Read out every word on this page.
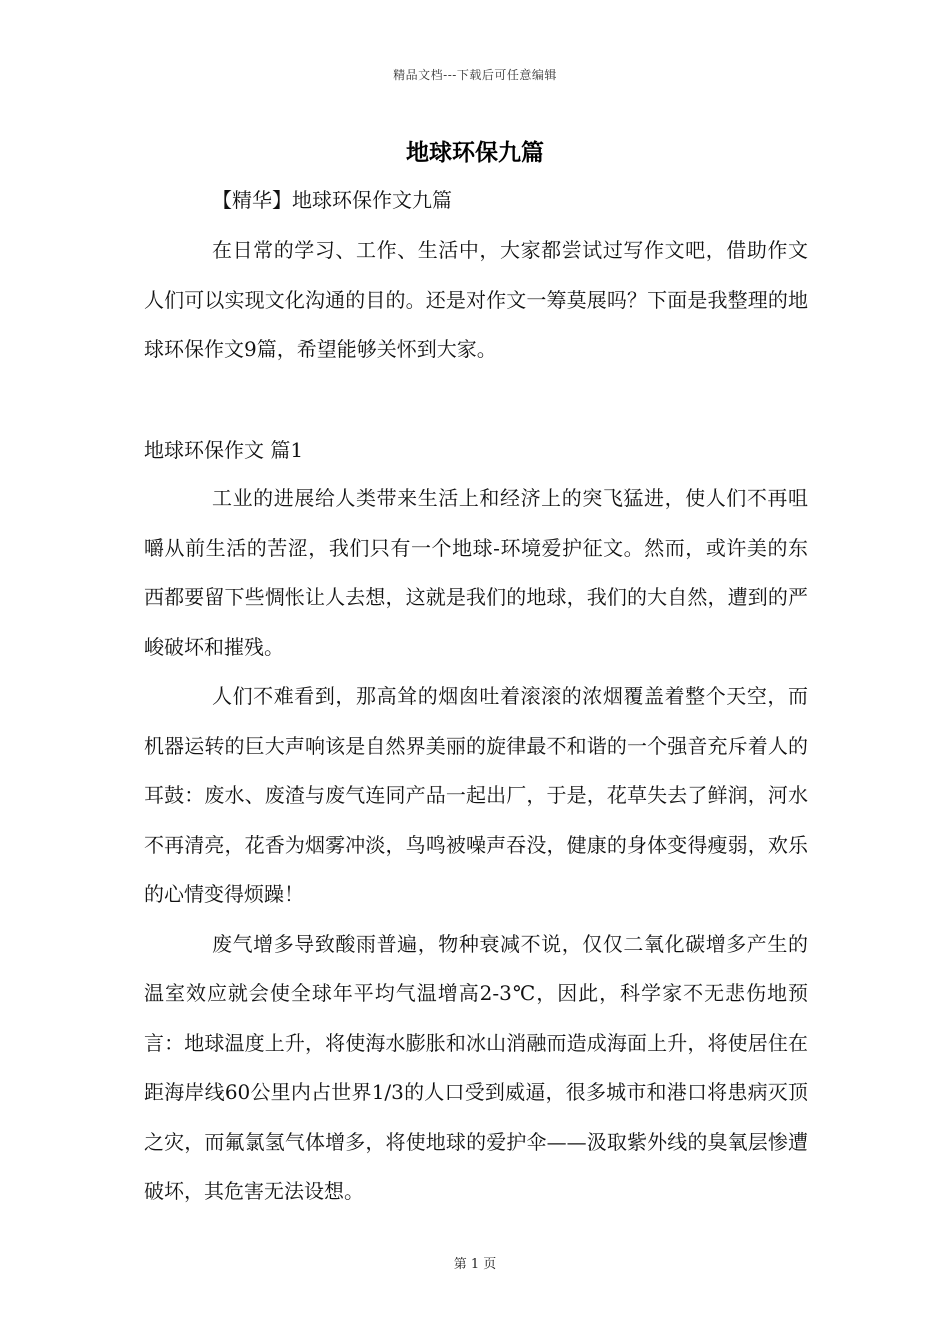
精品文档---下载后可任意编辑
地球环保九篇
【精华】地球环保作文九篇

在日常的学习、工作、生活中，大家都尝试过写作文吧，借助作文人们可以实现文化沟通的目的。还是对作文一筹莫展吗？下面是我整理的地球环保作文9篇，希望能够关怀到大家。

地球环保作文 篇1

工业的进展给人类带来生活上和经济上的突飞猛进，使人们不再咀嚼从前生活的苦涩，我们只有一个地球-环境爱护征文。然而，或许美的东西都要留下些惆怅让人去想，这就是我们的地球，我们的大自然，遭到的严峻破坏和摧残。

人们不难看到，那高耸的烟囱吐着滚滚的浓烟覆盖着整个天空，而机器运转的巨大声响该是自然界美丽的旋律最不和谐的一个强音充斥着人的耳鼓：废水、废渣与废气连同产品一起出厂，于是，花草失去了鲜润，河水不再清亮，花香为烟雾冲淡，鸟鸣被噪声吞没，健康的身体变得瘦弱，欢乐的心情变得烦躁！

废气增多导致酸雨普遍，物种衰减不说，仅仅二氧化碳增多产生的温室效应就会使全球年平均气温增高2-3℃，因此，科学家不无悲伤地预言：地球温度上升，将使海水膨胀和冰山消融而造成海面上升，将使居住在距海岸线60公里内占世界1/3的人口受到威逼，很多城市和港口将患病灭顶之灾，而氟氯氢气体增多，将使地球的爱护伞——汲取紫外线的臭氧层惨遭破坏，其危害无法设想。

第 1 页
